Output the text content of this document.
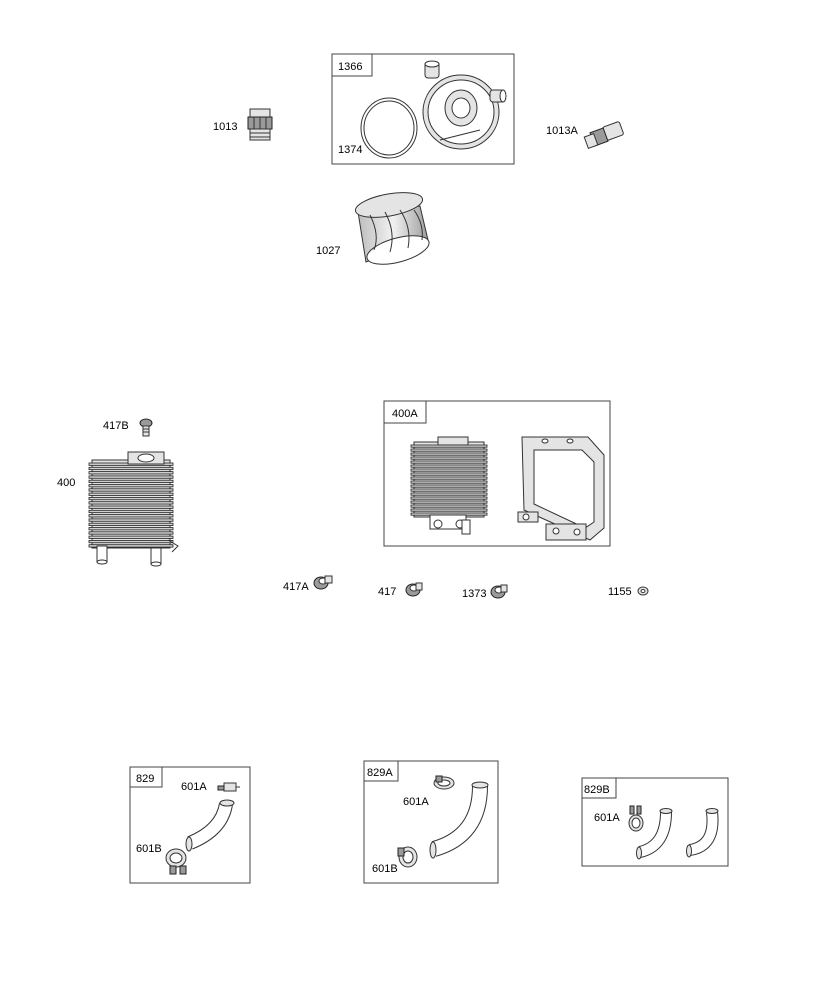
1013
1366
1374
1013A
1027
417B
400
400A
417A	417	1373	1155
829
601A
601B
829A
601A
601B
829B
601A
